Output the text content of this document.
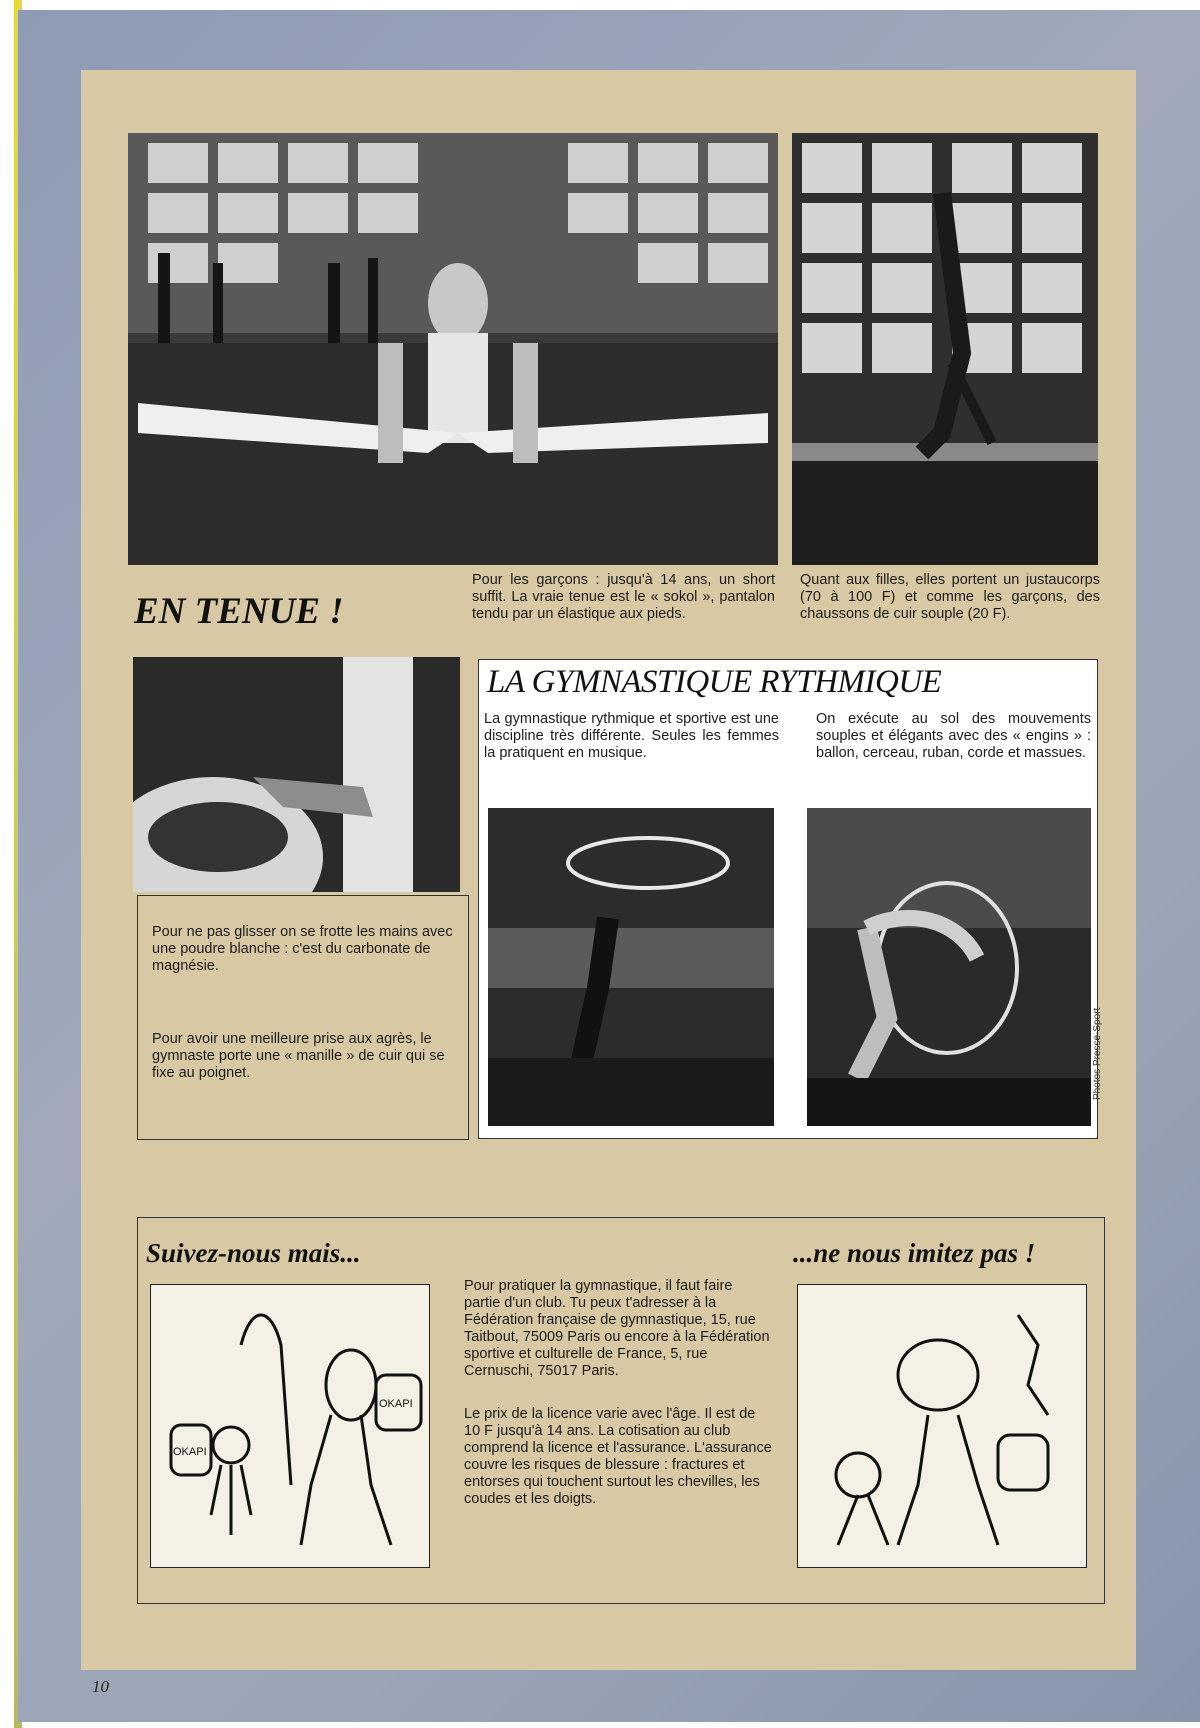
EN TENUE !
Pour les garçons : jusqu'à 14 ans, un short suffit. La vraie tenue est le « sokol », pantalon tendu par un élastique aux pieds.
Quant aux filles, elles portent un justaucorps (70 à 100 F) et comme les garçons, des chaussons de cuir souple (20 F).
Pour ne pas glisser on se frotte les mains avec une poudre blanche : c'est du carbonate de magnésie.
Pour avoir une meilleure prise aux agrès, le gymnaste porte une « manille » de cuir qui se fixe au poignet.
LA GYMNASTIQUE RYTHMIQUE
La gymnastique rythmique et sportive est une discipline très différente. Seules les femmes la pratiquent en musique.
On exécute au sol des mouvements souples et élégants avec des « engins » : ballon, cerceau, ruban, corde et massues.
Photos Presse-Sport
Suivez-nous mais...	...ne nous imitez pas !
OKAPI
OKAPI

Pour pratiquer la gymnastique, il faut faire partie d'un club. Tu peux t'adresser à la Fédération française de gymnastique, 15, rue Taitbout, 75009 Paris ou encore à la Fédération sportive et culturelle de France, 5, rue Cernuschi, 75017 Paris.

Le prix de la licence varie avec l'âge. Il est de 10 F jusqu'à 14 ans. La cotisation au club comprend la licence et l'assurance. L'assurance couvre les risques de blessure : fractures et entorses qui touchent surtout les chevilles, les coudes et les doigts.

10
